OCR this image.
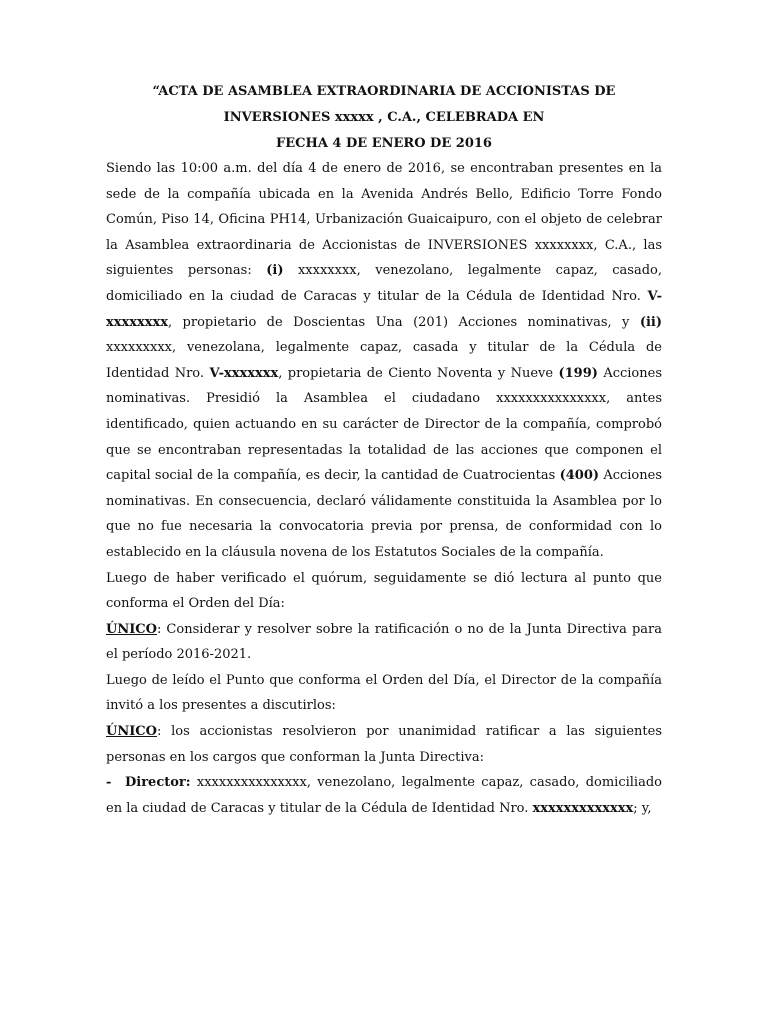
“ACTA DE ASAMBLEA EXTRAORDINARIA DE ACCIONISTAS DE
INVERSIONES xxxxx , C.A., CELEBRADA EN
FECHA 4 DE ENERO DE 2016

Siendo las 10:00 a.m. del día 4 de enero de 2016, se encontraban presentes en la sede de la compañía ubicada en la Avenida Andrés Bello, Edificio Torre Fondo Común, Piso 14, Oficina PH14, Urbanización Guaicaipuro, con el objeto de celebrar la Asamblea extraordinaria de Accionistas de INVERSIONES xxxxxxxx, C.A., las siguientes personas: (i) xxxxxxxx, venezolano, legalmente capaz, casado, domiciliado en la ciudad de Caracas y titular de la Cédula de Identidad Nro. V-xxxxxxxx, propietario de Doscientas Una (201) Acciones nominativas, y (ii) xxxxxxxxx, venezolana, legalmente capaz, casada y titular de la Cédula de Identidad Nro. V-xxxxxxx, propietaria de Ciento Noventa y Nueve (199) Acciones nominativas. Presidió la Asamblea el ciudadano xxxxxxxxxxxxxxx, antes identificado, quien actuando en su carácter de Director de la compañía, comprobó que se encontraban representadas la totalidad de las acciones que componen el capital social de la compañía, es decir, la cantidad de Cuatrocientas (400) Acciones nominativas. En consecuencia, declaró válidamente constituida la Asamblea por lo que no fue necesaria la convocatoria previa por prensa, de conformidad con lo establecido en la cláusula novena de los Estatutos Sociales de la compañía.

Luego de haber verificado el quórum, seguidamente se dió lectura al punto que conforma el Orden del Día:

ÚNICO: Considerar y resolver sobre la ratificación o no de la Junta Directiva para el período 2016-2021.

Luego de leído el Punto que conforma el Orden del Día, el Director de la compañía invitó a los presentes a discutirlos:

ÚNICO: los accionistas resolvieron por unanimidad ratificar a las siguientes personas en los cargos que conforman la Junta Directiva:

- Director: xxxxxxxxxxxxxxx, venezolano, legalmente capaz, casado, domiciliado en la ciudad de Caracas y titular de la Cédula de Identidad Nro. xxxxxxxxxxxxx; y,
